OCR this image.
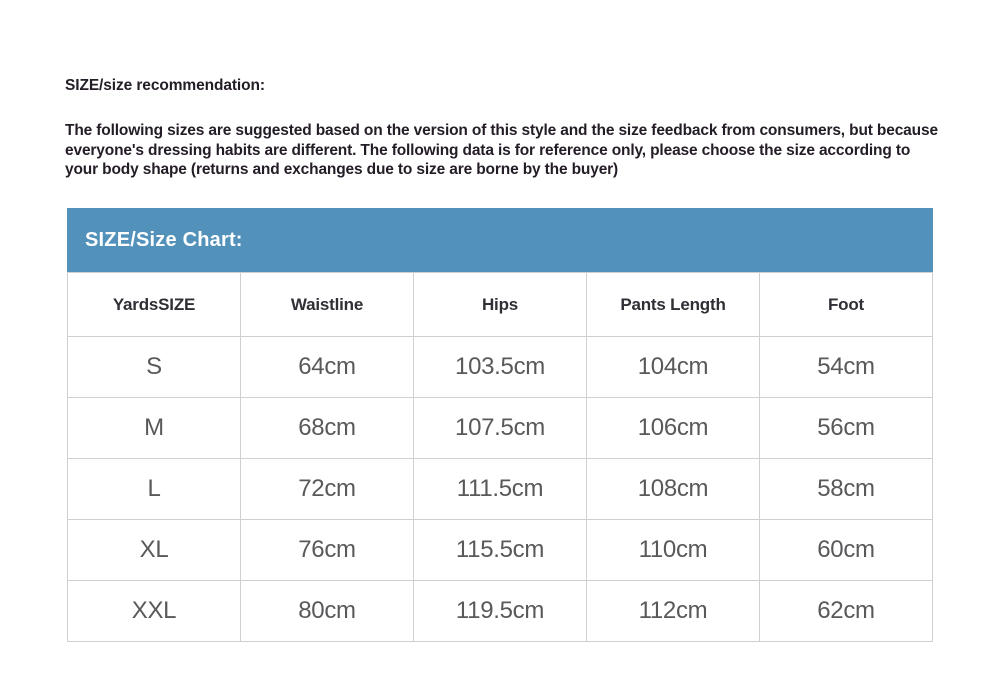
SIZE/size recommendation:

The following sizes are suggested based on the version of this style and the size feedback from consumers, but because everyone's dressing habits are different. The following data is for reference only, please choose the size according to your body shape (returns and exchanges due to size are borne by the buyer)

SIZE/Size Chart:
YardsSIZE	Waistline	Hips	Pants Length	Foot
S	64cm	103.5cm	104cm	54cm
M	68cm	107.5cm	106cm	56cm
L	72cm	111.5cm	108cm	58cm
XL	76cm	115.5cm	110cm	60cm
XXL	80cm	119.5cm	112cm	62cm
